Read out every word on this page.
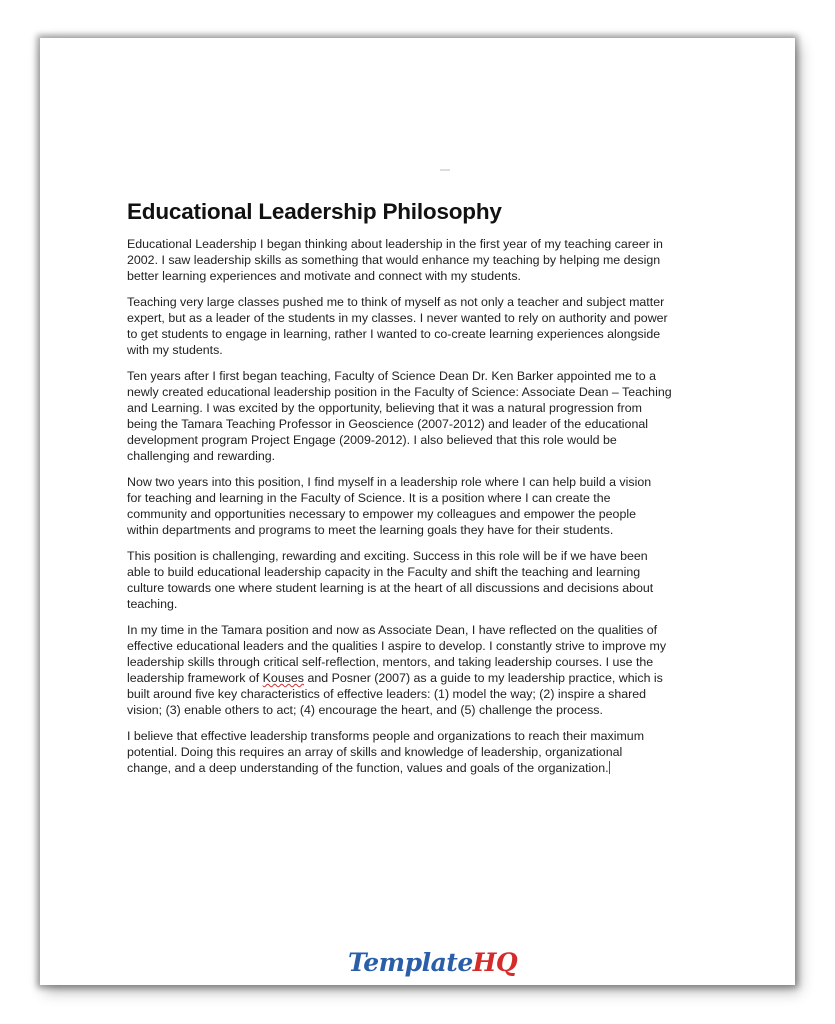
Educational Leadership Philosophy
Educational Leadership I began thinking about leadership in the first year of my teaching career in
2002. I saw leadership skills as something that would enhance my teaching by helping me design
better learning experiences and motivate and connect with my students.
Teaching very large classes pushed me to think of myself as not only a teacher and subject matter
expert, but as a leader of the students in my classes. I never wanted to rely on authority and power
to get students to engage in learning, rather I wanted to co-create learning experiences alongside
with my students.
Ten years after I first began teaching, Faculty of Science Dean Dr. Ken Barker appointed me to a
newly created educational leadership position in the Faculty of Science: Associate Dean – Teaching
and Learning. I was excited by the opportunity, believing that it was a natural progression from
being the Tamara Teaching Professor in Geoscience (2007-2012) and leader of the educational
development program Project Engage (2009-2012). I also believed that this role would be
challenging and rewarding.
Now two years into this position, I find myself in a leadership role where I can help build a vision
for teaching and learning in the Faculty of Science. It is a position where I can create the
community and opportunities necessary to empower my colleagues and empower the people
within departments and programs to meet the learning goals they have for their students.
This position is challenging, rewarding and exciting. Success in this role will be if we have been
able to build educational leadership capacity in the Faculty and shift the teaching and learning
culture towards one where student learning is at the heart of all discussions and decisions about
teaching.
In my time in the Tamara position and now as Associate Dean, I have reflected on the qualities of
effective educational leaders and the qualities I aspire to develop. I constantly strive to improve my
leadership skills through critical self-reflection, mentors, and taking leadership courses. I use the
leadership framework of Kouses and Posner (2007) as a guide to my leadership practice, which is
built around five key characteristics of effective leaders: (1) model the way; (2) inspire a shared
vision; (3) enable others to act; (4) encourage the heart, and (5) challenge the process.
I believe that effective leadership transforms people and organizations to reach their maximum
potential. Doing this requires an array of skills and knowledge of leadership, organizational
change, and a deep understanding of the function, values and goals of the organization.
TemplateHQ
